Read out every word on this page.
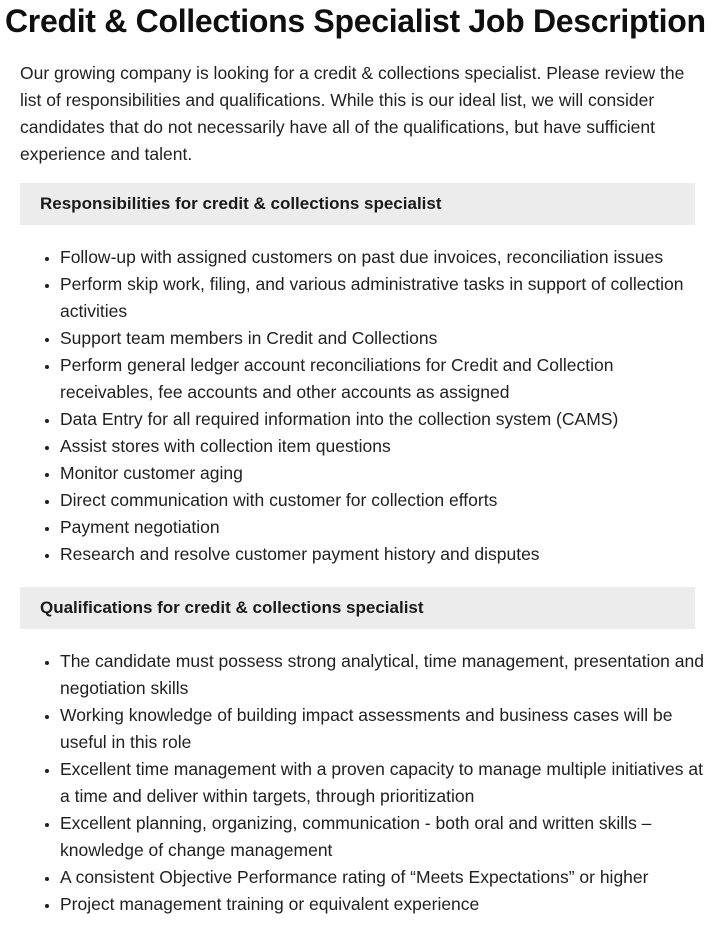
Credit & Collections Specialist Job Description

Our growing company is looking for a credit & collections specialist. Please review the list of responsibilities and qualifications. While this is our ideal list, we will consider candidates that do not necessarily have all of the qualifications, but have sufficient experience and talent.

Responsibilities for credit & collections specialist
• Follow-up with assigned customers on past due invoices, reconciliation issues
• Perform skip work, filing, and various administrative tasks in support of collection activities
• Support team members in Credit and Collections
• Perform general ledger account reconciliations for Credit and Collection receivables, fee accounts and other accounts as assigned
• Data Entry for all required information into the collection system (CAMS)
• Assist stores with collection item questions
• Monitor customer aging
• Direct communication with customer for collection efforts
• Payment negotiation
• Research and resolve customer payment history and disputes
Qualifications for credit & collections specialist
• The candidate must possess strong analytical, time management, presentation and negotiation skills
• Working knowledge of building impact assessments and business cases will be useful in this role
• Excellent time management with a proven capacity to manage multiple initiatives at a time and deliver within targets, through prioritization
• Excellent planning, organizing, communication - both oral and written skills – knowledge of change management
• A consistent Objective Performance rating of “Meets Expectations” or higher
• Project management training or equivalent experience
